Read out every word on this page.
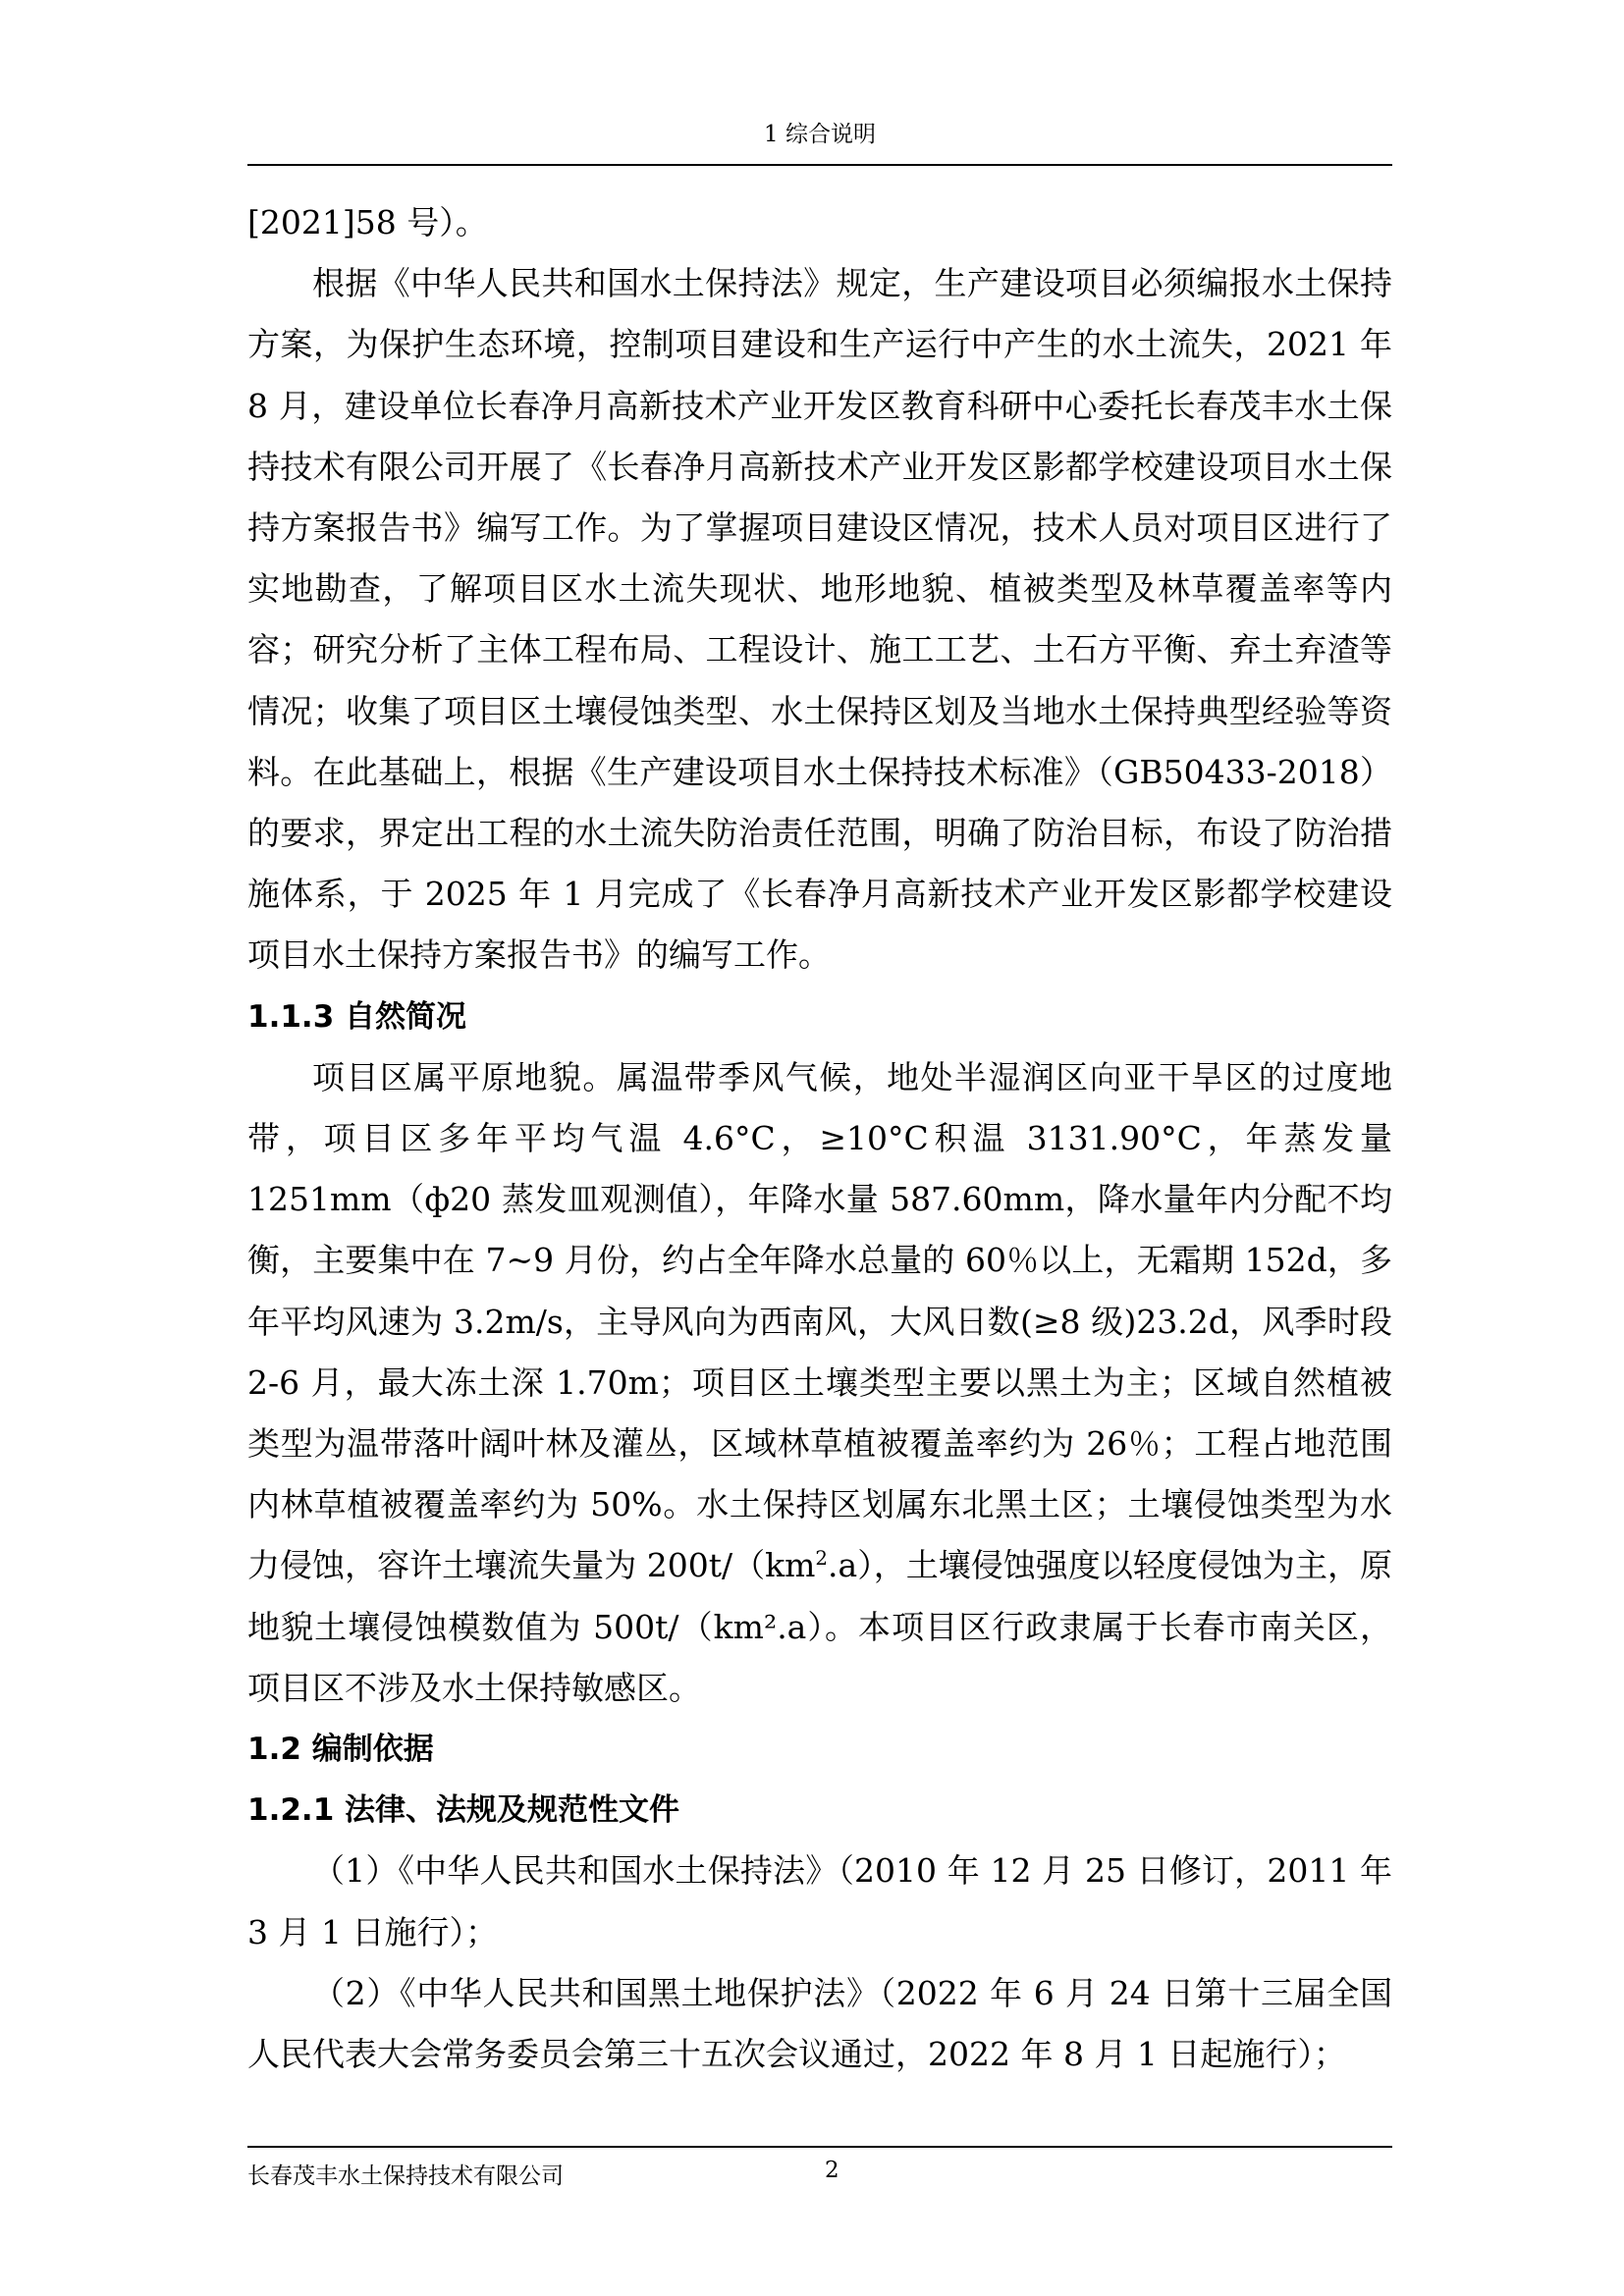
1 综合说明

[2021]58 号）。

根据《中华人民共和国水土保持法》规定，生产建设项目必须编报水土保持方案，为保护生态环境，控制项目建设和生产运行中产生的水土流失，2021 年 8 月，建设单位长春净月高新技术产业开发区教育科研中心委托长春茂丰水土保持技术有限公司开展了《长春净月高新技术产业开发区影都学校建设项目水土保持方案报告书》编写工作。为了掌握项目建设区情况，技术人员对项目区进行了实地勘查，了解项目区水土流失现状、地形地貌、植被类型及林草覆盖率等内容；研究分析了主体工程布局、工程设计、施工工艺、土石方平衡、弃土弃渣等情况；收集了项目区土壤侵蚀类型、水土保持区划及当地水土保持典型经验等资料。在此基础上，根据《生产建设项目水土保持技术标准》（GB50433-2018）的要求，界定出工程的水土流失防治责任范围，明确了防治目标，布设了防治措施体系，于 2025 年 1 月完成了《长春净月高新技术产业开发区影都学校建设项目水土保持方案报告书》的编写工作。

1.1.3 自然简况

项目区属平原地貌。属温带季风气候，地处半湿润区向亚干旱区的过度地带，项目区多年平均气温 4.6°C，≥10°C积温 3131.90°C，年蒸发量 1251mm（ф20 蒸发皿观测值），年降水量 587.60mm，降水量年内分配不均衡，主要集中在 7~9 月份，约占全年降水总量的 60％以上，无霜期 152d，多年平均风速为 3.2m/s，主导风向为西南风，大风日数(≥8 级)23.2d，风季时段 2-6 月，最大冻土深 1.70m；项目区土壤类型主要以黑土为主；区域自然植被类型为温带落叶阔叶林及灌丛，区域林草植被覆盖率约为 26％；工程占地范围内林草植被覆盖率约为 50%。水土保持区划属东北黑土区；土壤侵蚀类型为水力侵蚀，容许土壤流失量为 $200t/(km^2.a)$，土壤侵蚀强度以轻度侵蚀为主，原地貌土壤侵蚀模数值为 500t/（km².a）。本项目区行政隶属于长春市南关区，项目区不涉及水土保持敏感区。

1.2 编制依据

1.2.1 法律、法规及规范性文件

（1）《中华人民共和国水土保持法》（2010 年 12 月 25 日修订，2011 年 3 月 1 日施行）；

（2）《中华人民共和国黑土地保护法》（2022 年 6 月 24 日第十三届全国人民代表大会常务委员会第三十五次会议通过，2022 年 8 月 1 日起施行）；

长春茂丰水土保持技术有限公司	2
